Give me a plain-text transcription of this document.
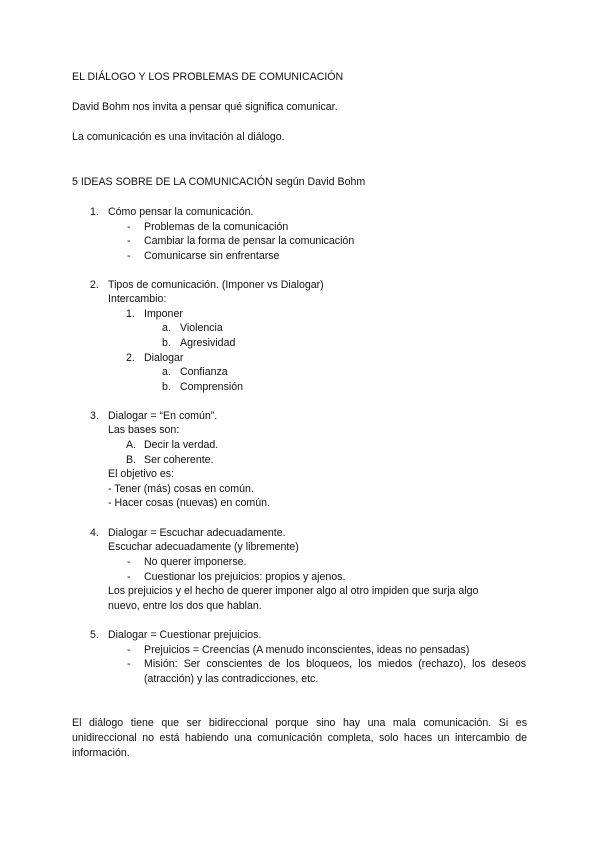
EL DIÁLOGO Y LOS PROBLEMAS DE COMUNICACIÓN
David Bohm nos invita a pensar qué significa comunicar.
La comunicación es una invitación al diálogo.
5 IDEAS SOBRE DE LA COMUNICACIÓN según David Bohm
1. Cómo pensar la comunicación.
- Problemas de la comunicación
- Cambiar la forma de pensar la comunicación
- Comunicarse sin enfrentarse
2. Tipos de comunicación. (Imponer vs Dialogar)
Intercambio:
1. Imponer
a. Violencia
b. Agresividad
2. Dialogar
a. Confianza
b. Comprensión
3. Dialogar = “En común”.
Las bases son:
A. Decir la verdad.
B. Ser coherente.
El objetivo es:
- Tener (más) cosas en común.
- Hacer cosas (nuevas) en común.
4. Dialogar = Escuchar adecuadamente.
Escuchar adecuadamente (y libremente)
- No querer imponerse.
- Cuestionar los prejuicios: propios y ajenos.
Los prejuicios y el hecho de querer imponer algo al otro impiden que surja algo
nuevo, entre los dos que hablan.
5. Dialogar = Cuestionar prejuicios.
- Prejuicios = Creencias (A menudo inconscientes, ideas no pensadas)
- Misión: Ser conscientes de los bloqueos, los miedos (rechazo), los deseos
(atracción) y las contradicciones, etc.
El diálogo tiene que ser bidireccional porque sino hay una mala comunicación. Si es
unidireccional no está habiendo una comunicación completa, solo haces un intercambio de
información.
